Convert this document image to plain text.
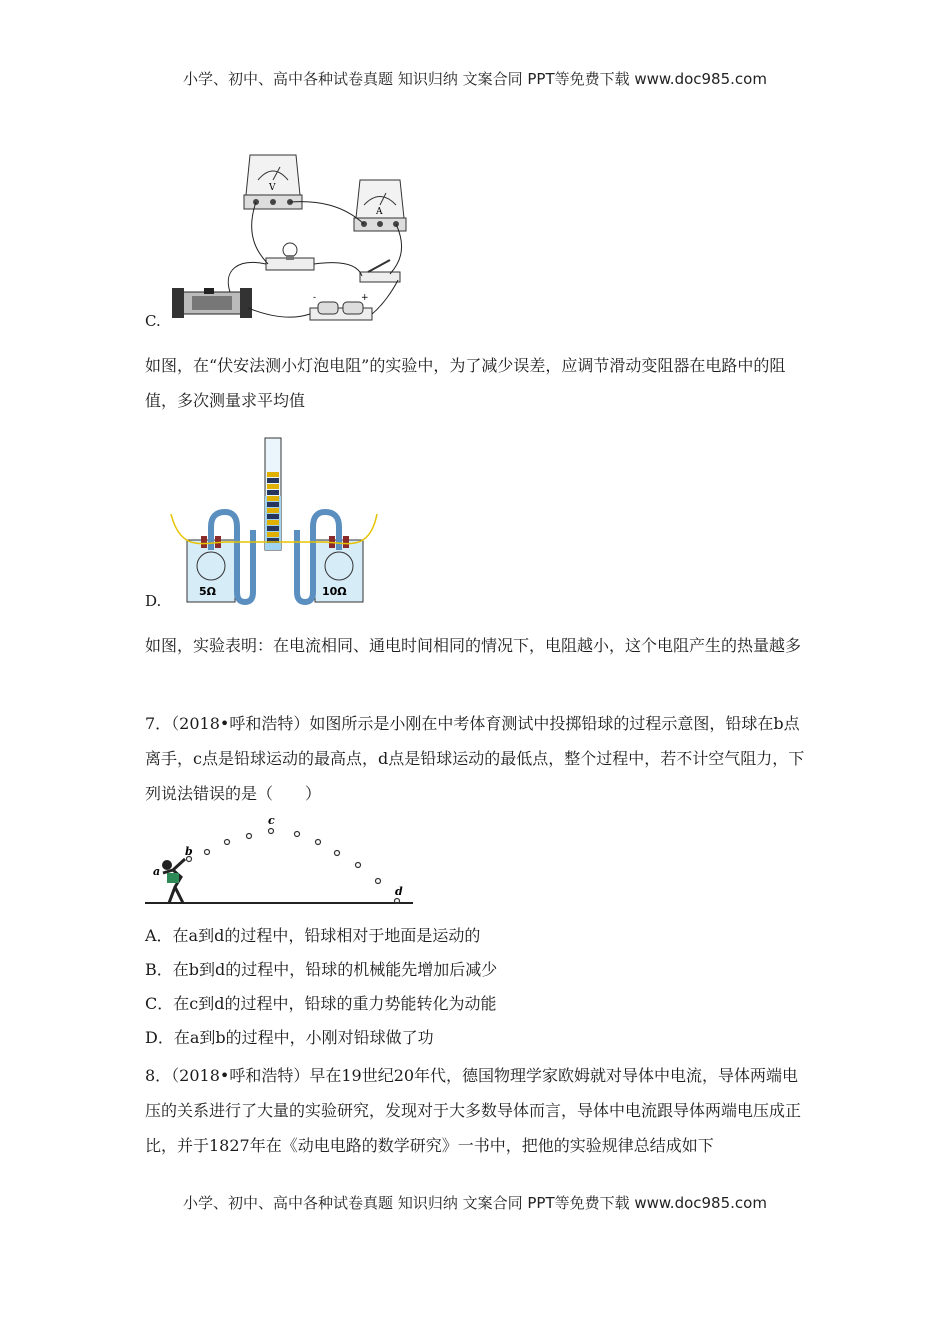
小学、初中、高中各种试卷真题 知识归纳 文案合同 PPT等免费下载 www.doc985.com
V
A
-	+
C.

如图，在“伏安法测小灯泡电阻”的实验中，为了减少误差，应调节滑动变阻器在电路中的阻值，多次测量求平均值

5Ω	10Ω
D.

如图，实验表明：在电流相同、通电时间相同的情况下，电阻越小，这个电阻产生的热量越多

7．（2018•呼和浩特）如图所示是小刚在中考体育测试中投掷铅球的过程示意图，铅球在b点离手，c点是铅球运动的最高点，d点是铅球运动的最低点，整个过程中，若不计空气阻力，下列说法错误的是（　　）

a
b
c
d

A．在a到d的过程中，铅球相对于地面是运动的

B．在b到d的过程中，铅球的机械能先增加后减少

C．在c到d的过程中，铅球的重力势能转化为动能

D．在a到b的过程中，小刚对铅球做了功

8．（2018•呼和浩特）早在19世纪20年代，德国物理学家欧姆就对导体中电流，导体两端电压的关系进行了大量的实验研究，发现对于大多数导体而言，导体中电流跟导体两端电压成正比，并于1827年在《动电电路的数学研究》一书中，把他的实验规律总结成如下

小学、初中、高中各种试卷真题 知识归纳 文案合同 PPT等免费下载 www.doc985.com
